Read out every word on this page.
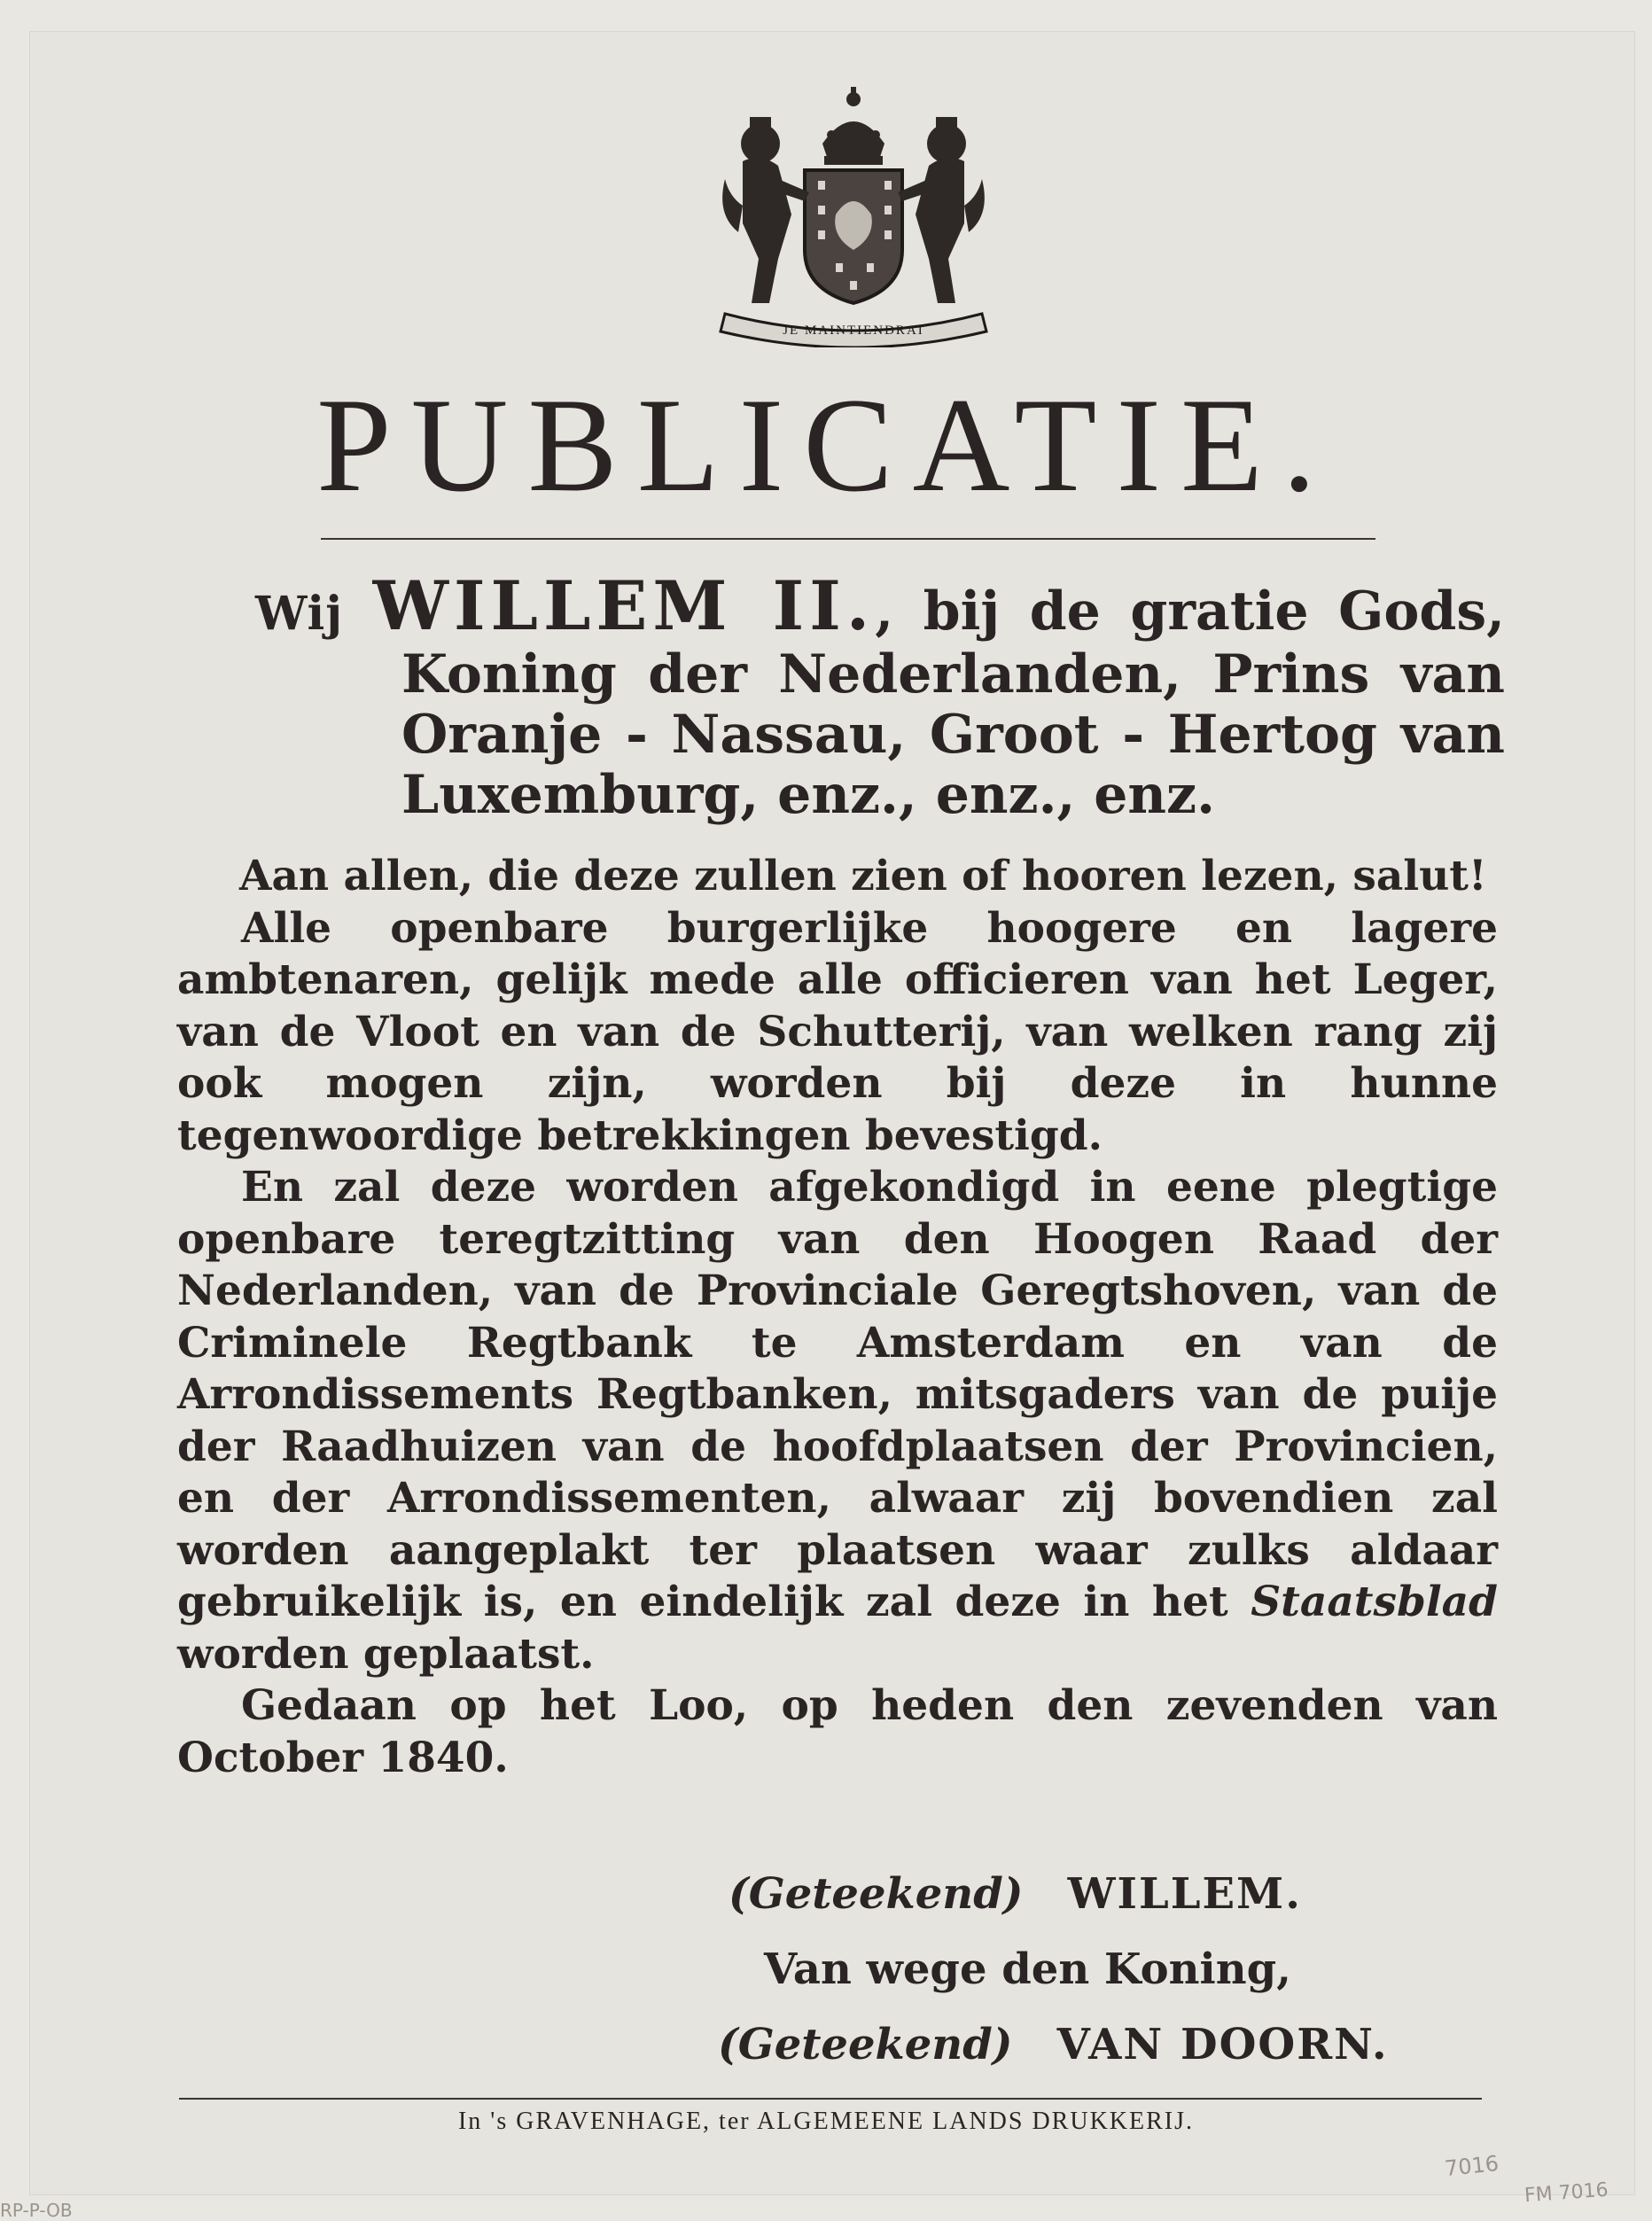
JE MAINTIENDRAI
PUBLICATIE.
Wij WILLEM II., bij de gratie Gods,
Koning der Nederlanden, Prins van
Oranje - Nassau, Groot - Hertog van
Luxemburg, enz., enz., enz.

Aan allen, die deze zullen zien of hooren lezen, salut!

Alle openbare burgerlijke hoogere en lagere ambtenaren, gelijk mede alle officieren van het Leger, van de Vloot en van de Schutterij, van welken rang zij ook mogen zijn, worden bij deze in hunne tegenwoordige betrekkingen bevestigd.

En zal deze worden afgekondigd in eene plegtige openbare teregtzitting van den Hoogen Raad der Nederlanden, van de Provinciale Geregtshoven, van de Criminele Regtbank te Amsterdam en van de Arrondissements Regtbanken, mitsgaders van de puije der Raadhuizen van de hoofdplaatsen der Provincien, en der Arrondissementen, alwaar zij bovendien zal worden aangeplakt ter plaatsen waar zulks aldaar gebruikelijk is, en eindelijk zal deze in het Staatsblad worden geplaatst.

Gedaan op het Loo, op heden den zevenden van October 1840.

(Geteekend) WILLEM.
Van wege den Koning,
(Geteekend) VAN DOORN.
In 's GRAVENHAGE, ter ALGEMEENE LANDS DRUKKERIJ.
7016
FM 7016
RP-P-OB
